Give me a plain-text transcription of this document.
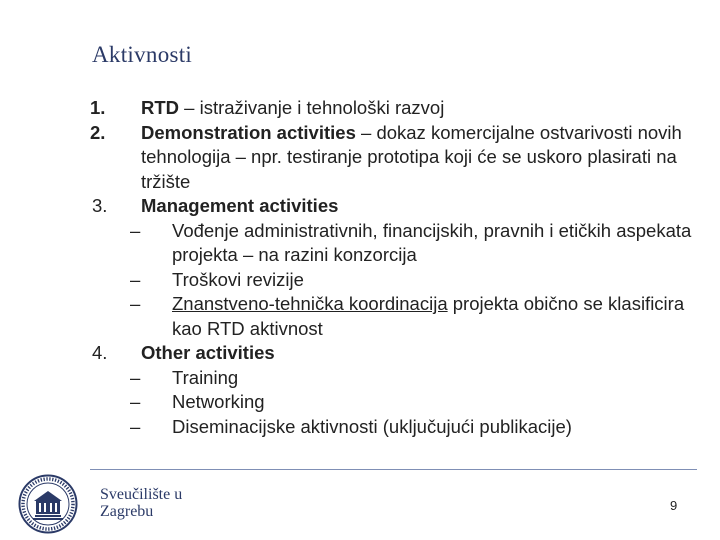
Aktivnosti
1. RTD – istraživanje i tehnološki razvoj
2. Demonstration activities – dokaz komercijalne ostvarivosti novih tehnologija – npr. testiranje prototipa koji će se uskoro plasirati na tržište
3. Management activities
– Vođenje administrativnih, financijskih, pravnih i etičkih aspekata projekta – na razini konzorcija
– Troškovi revizije
– Znanstveno-tehnička koordinacija projekta obično se klasificira kao RTD aktivnost
4. Other activities
– Training
– Networking
– Diseminacijske aktivnosti (uključujući publikacije)
Sveučilište u
Zagrebu	9
